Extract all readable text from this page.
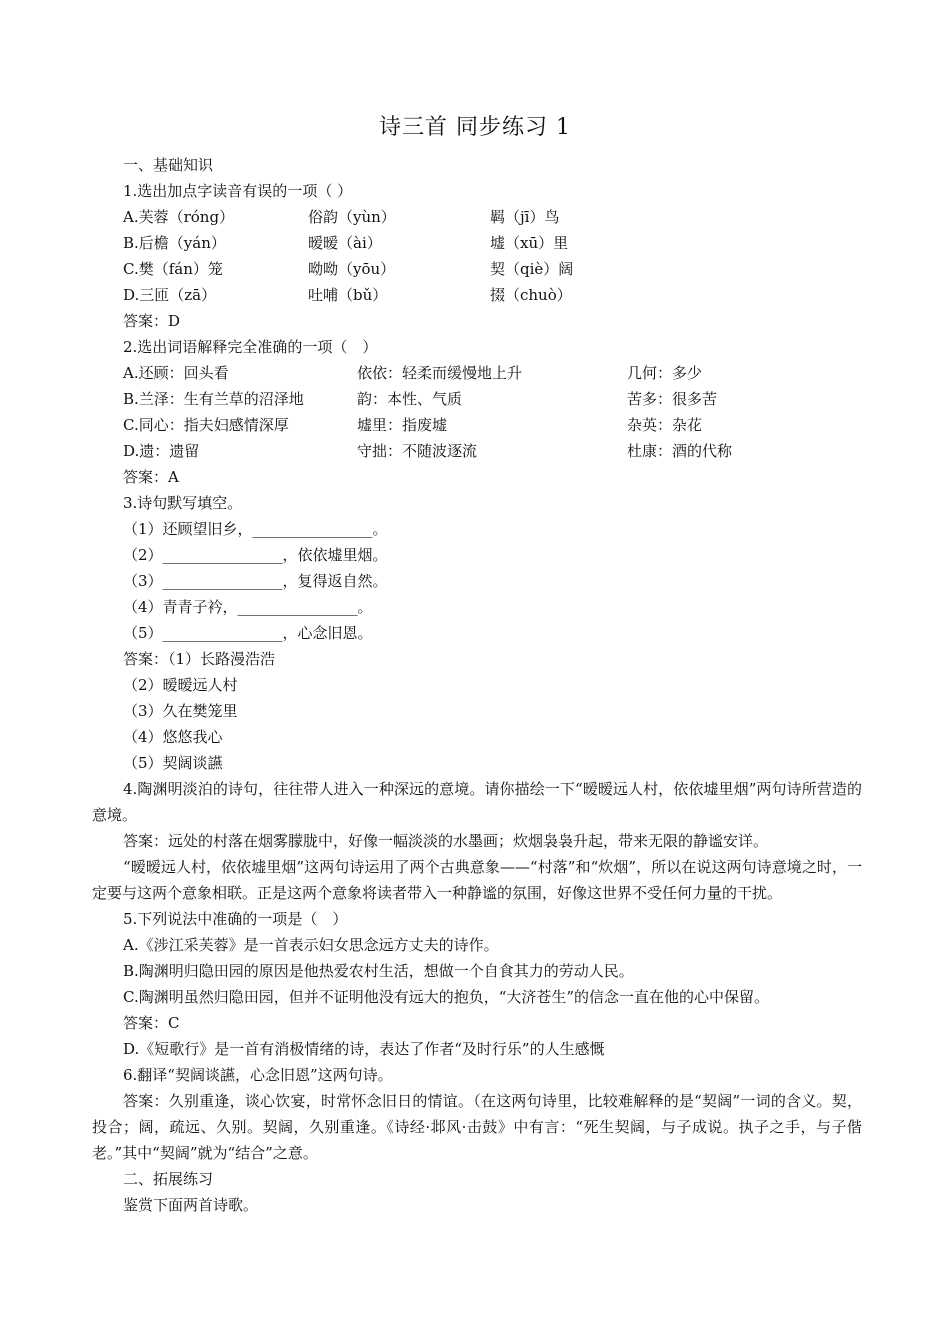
诗三首 同步练习 1
一、基础知识
1.选出加点字读音有误的一项（ ）
A.芙蓉（róng）	俗韵（yùn）	羁（jī）鸟
B.后檐（yán）	暧暧（ài）	墟（xū）里
C.樊（fán）笼	呦呦（yōu）	契（qiè）阔
D.三匝（zā）	吐哺（bǔ）	掇（chuò）
答案：D
2.选出词语解释完全准确的一项（　）
A.还顾：回头看	依依：轻柔而缓慢地上升	几何：多少
B.兰泽：生有兰草的沼泽地	韵：本性、气质	苦多：很多苦
C.同心：指夫妇感情深厚	墟里：指废墟	杂英：杂花
D.遗：遗留	守拙：不随波逐流	杜康：酒的代称
答案：A
3.诗句默写填空。
（1）还顾望旧乡，________________。
（2）________________，依依墟里烟。
（3）________________，复得返自然。
（4）青青子衿，________________。
（5）________________，心念旧恩。
答案：（1）长路漫浩浩
（2）暧暧远人村
（3）久在樊笼里
（4）悠悠我心
（5）契阔谈讌
4.陶渊明淡泊的诗句，往往带人进入一种深远的意境。请你描绘一下“暧暧远人村，依依墟里烟”两句诗所营造的意境。
答案：远处的村落在烟雾朦胧中，好像一幅淡淡的水墨画；炊烟袅袅升起，带来无限的静谧安详。
“暧暧远人村，依依墟里烟”这两句诗运用了两个古典意象——“村落”和“炊烟”，所以在说这两句诗意境之时，一定要与这两个意象相联。正是这两个意象将读者带入一种静谧的氛围，好像这世界不受任何力量的干扰。
5.下列说法中准确的一项是（　）
A.《涉江采芙蓉》是一首表示妇女思念远方丈夫的诗作。
B.陶渊明归隐田园的原因是他热爱农村生活，想做一个自食其力的劳动人民。
C.陶渊明虽然归隐田园，但并不证明他没有远大的抱负，“大济苍生”的信念一直在他的心中保留。
答案：C
D.《短歌行》是一首有消极情绪的诗，表达了作者“及时行乐”的人生感慨
6.翻译“契阔谈讌，心念旧恩”这两句诗。
答案：久别重逢，谈心饮宴，时常怀念旧日的情谊。（在这两句诗里，比较难解释的是“契阔”一词的含义。契，投合；阔，疏远、久别。契阔，久别重逢。《诗经·邶风·击鼓》中有言：“死生契阔，与子成说。执子之手，与子偕老。”其中“契阔”就为“结合”之意。
二、拓展练习
鉴赏下面两首诗歌。
